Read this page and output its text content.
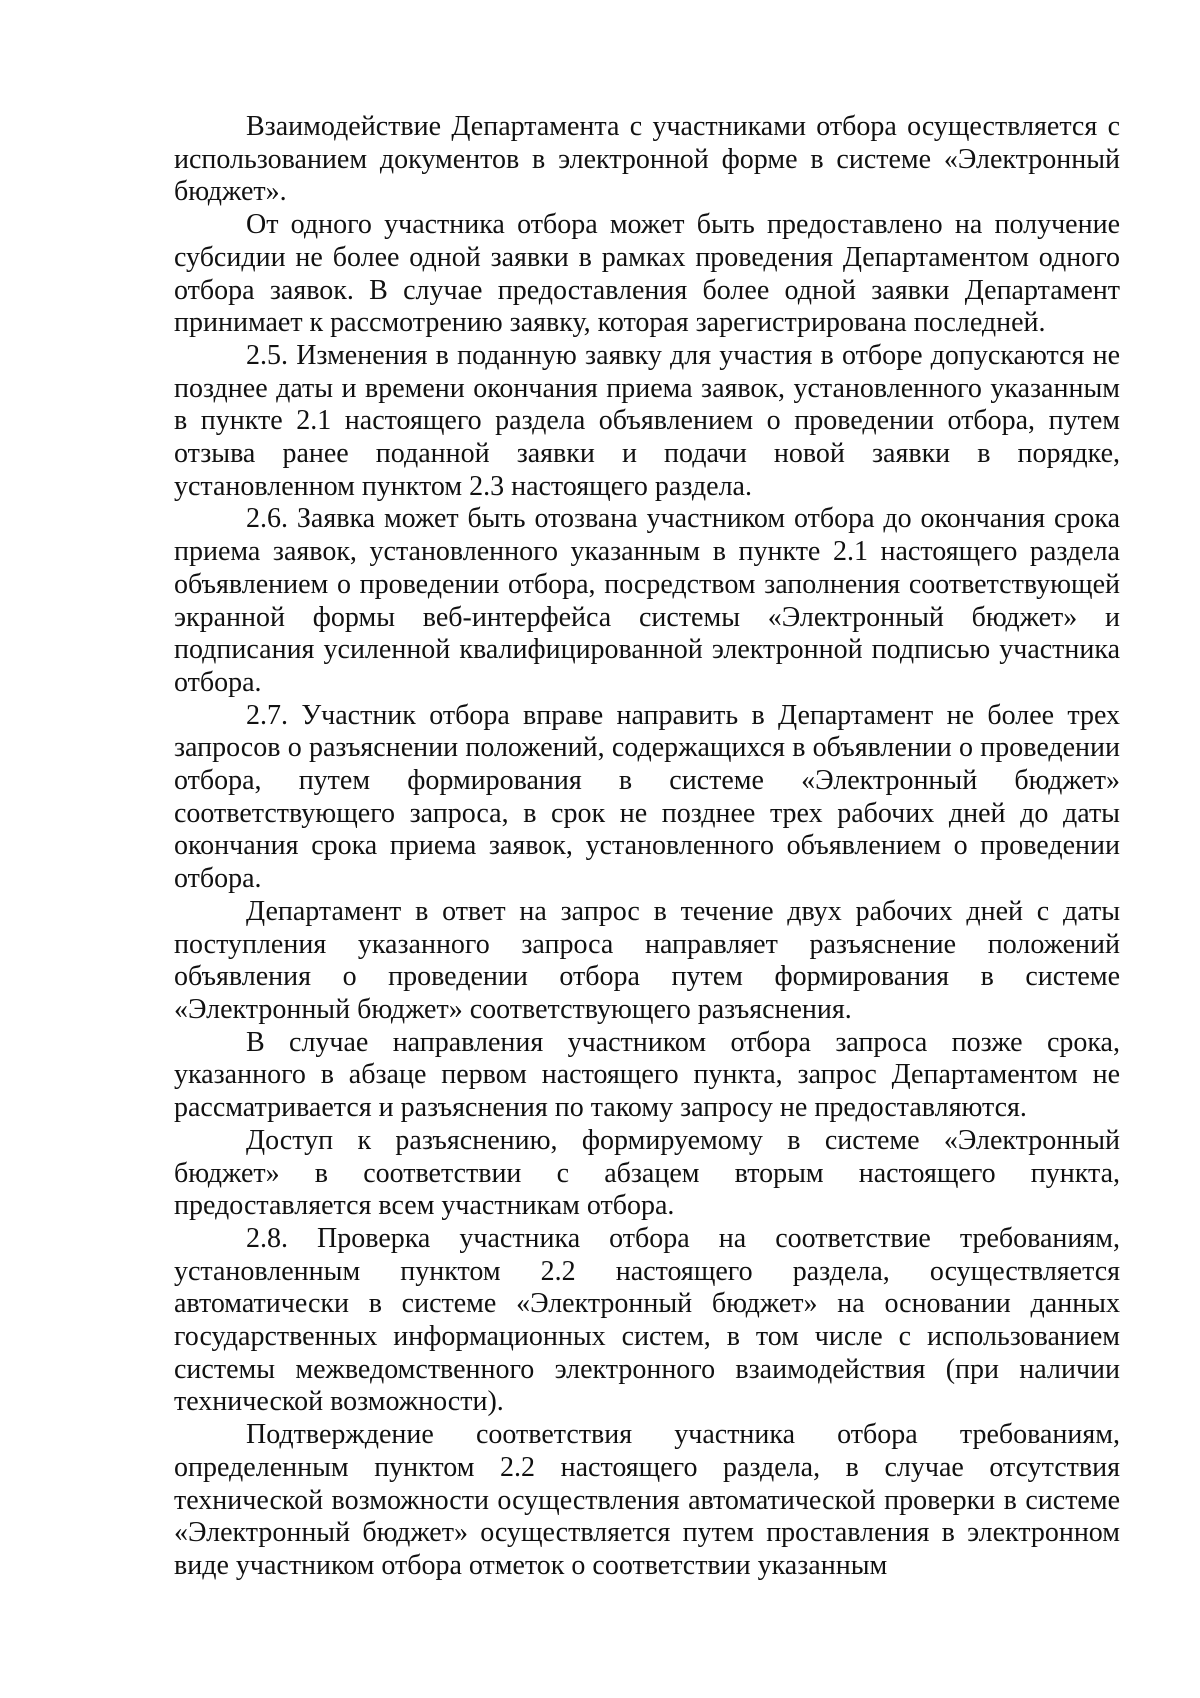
Взаимодействие Департамента с участниками отбора осуществляется с использованием документов в электронной форме в системе «Электронный бюджет».

От одного участника отбора может быть предоставлено на получение субсидии не более одной заявки в рамках проведения Департаментом одного отбора заявок. В случае предоставления более одной заявки Департамент принимает к рассмотрению заявку, которая зарегистрирована последней.

2.5. Изменения в поданную заявку для участия в отборе допускаются не позднее даты и времени окончания приема заявок, установленного указанным в пункте 2.1 настоящего раздела объявлением о проведении отбора, путем отзыва ранее поданной заявки и подачи новой заявки в порядке, установленном пунктом 2.3 настоящего раздела.

2.6. Заявка может быть отозвана участником отбора до окончания срока приема заявок, установленного указанным в пункте 2.1 настоящего раздела объявлением о проведении отбора, посредством заполнения соответствующей экранной формы веб-интерфейса системы «Электронный бюджет» и подписания усиленной квалифицированной электронной подписью участника отбора.

2.7. Участник отбора вправе направить в Департамент не более трех запросов о разъяснении положений, содержащихся в объявлении о проведении отбора, путем формирования в системе «Электронный бюджет» соответствующего запроса, в срок не позднее трех рабочих дней до даты окончания срока приема заявок, установленного объявлением о проведении отбора.

Департамент в ответ на запрос в течение двух рабочих дней с даты поступления указанного запроса направляет разъяснение положений объявления о проведении отбора путем формирования в системе «Электронный бюджет» соответствующего разъяснения.

В случае направления участником отбора запроса позже срока, указанного в абзаце первом настоящего пункта, запрос Департаментом не рассматривается и разъяснения по такому запросу не предоставляются.

Доступ к разъяснению, формируемому в системе «Электронный бюджет» в соответствии с абзацем вторым настоящего пункта, предоставляется всем участникам отбора.

2.8. Проверка участника отбора на соответствие требованиям, установленным пунктом 2.2 настоящего раздела, осуществляется автоматически в системе «Электронный бюджет» на основании данных государственных информационных систем, в том числе с использованием системы межведомственного электронного взаимодействия (при наличии технической возможности).

Подтверждение соответствия участника отбора требованиям, определенным пунктом 2.2 настоящего раздела, в случае отсутствия технической возможности осуществления автоматической проверки в системе «Электронный бюджет» осуществляется путем проставления в электронном виде участником отбора отметок о соответствии указанным
